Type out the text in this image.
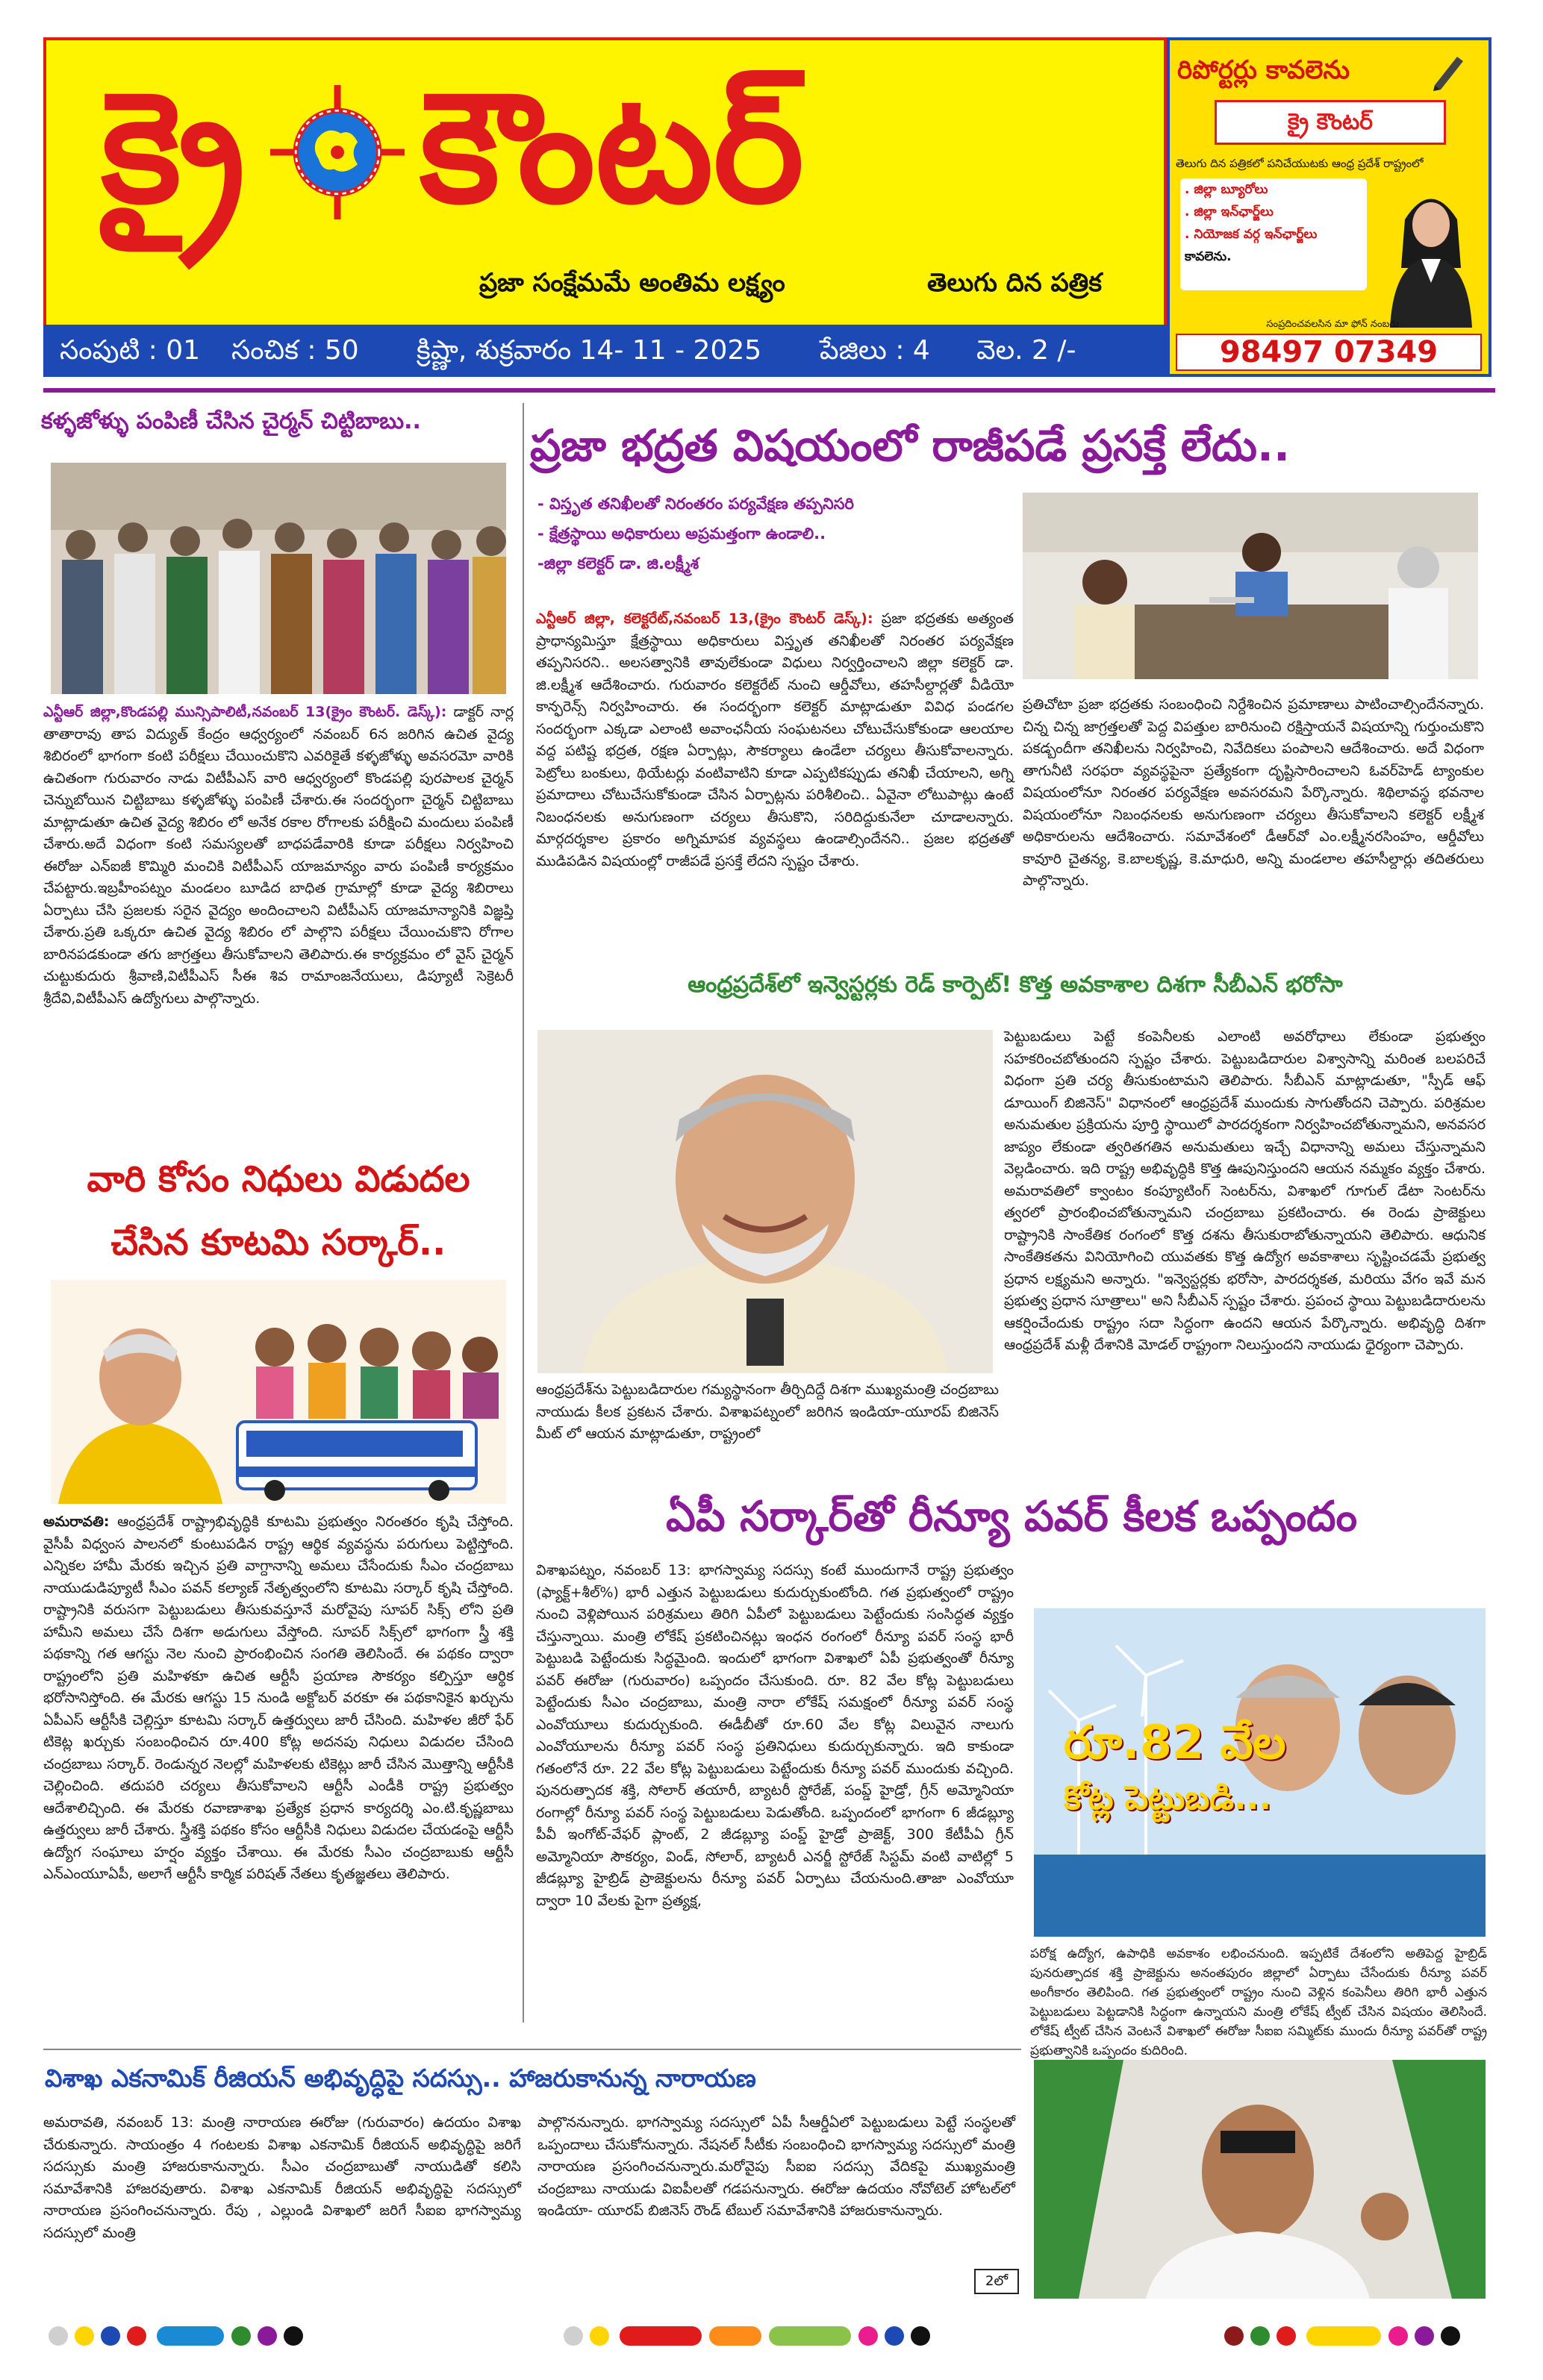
క్రై కౌంటర్
ప్రజా సంక్షేమమే అంతిమ లక్ష్యం	తెలుగు దిన పత్రిక
సంపుటి : 01 సంచిక : 50 క్రిష్ణా, శుక్రవారం 14- 11 - 2025 పేజిలు : 4 వెల. 2 /-
రిపోర్టర్లు కావలెను
క్రై కౌంటర్
తెలుగు దిన పత్రికలో పనిచేయుటకు ఆంధ్ర ప్రదేశ్ రాష్ట్రంలో
. జిల్లా బ్యూరోలు
. జిల్లా ఇన్‌ఛార్జ్‌లు
. నియోజక వర్గ ఇన్‌ఛార్జ్‌లు
కావలెను.
సంప్రదించవలసిన మా ఫోన్ నంబరు
98497 07349
కళ్ళజోళ్ళు పంపిణీ చేసిన చైర్మన్ చిట్టిబాబు..
ఎన్టీఆర్ జిల్లా,కొండపల్లి మున్సిపాలిటీ,నవంబర్ 13(క్రైం కౌంటర్. డెస్క్): డాక్టర్ నార్ల తాతారావు తాప విద్యుత్ కేంద్రం ఆధ్వర్యంలో నవంబర్ 6న జరిగిన ఉచిత వైద్య శిబిరంలో భాగంగా కంటి పరీక్షలు చేయించుకొని ఎవరికైతే కళ్ళజోళ్ళు అవసరమో వారికి ఉచితంగా గురువారం నాడు విటీపీఎస్ వారి ఆధ్వర్యంలో కొండపల్లి పురపాలక చైర్మన్ చెన్నుబోయిన చిట్టిబాబు కళ్ళజోళ్ళు పంపిణీ చేశారు.ఈ సందర్భంగా చైర్మన్ చిట్టిబాబు మాట్లాడుతూ ఉచిత వైద్య శిబిరం లో అనేక రకాల రోగాలకు పరీక్షించి మందులు పంపిణీ చేశారు.అదే విధంగా కంటి సమస్యలతో బాధపడేవారికి కూడా పరీక్షలు నిర్వహించి ఈరోజు ఎన్ఐజీ కొమ్మిరి మంచికి విటీపీఎస్ యాజమాన్యం వారు పంపిణీ కార్యక్రమం చేపట్టారు.ఇబ్రహీంపట్నం మండలం బూడిద బాధిత గ్రామాల్లో కూడా వైద్య శిబిరాలు ఏర్పాటు చేసి ప్రజలకు సరైన వైద్యం అందించాలని విటీపీఎస్ యాజమాన్యానికి విజ్ఞప్తి చేశారు.ప్రతి ఒక్కరూ ఉచిత వైద్య శిబిరం లో పాల్గొని పరీక్షలు చేయించుకొని రోగాల బారినపడకుండా తగు జాగ్రత్తలు తీసుకోవాలని తెలిపారు.ఈ కార్యక్రమం లో వైస్ చైర్మన్ చుట్టుకుదురు శ్రీవాణి,విటీపీఎస్ సీఈ శివ రామాంజనేయులు, డిప్యూటీ సెక్రెటరీ శ్రీదేవి,విటీపీఎస్ ఉద్యోగులు పాల్గొన్నారు.
వారి కోసం నిధులు విడుదల
చేసిన కూటమి సర్కార్..
అమరావతి: ఆంధ్రప్రదేశ్ రాష్ట్రాభివృద్ధికి కూటమి ప్రభుత్వం నిరంతరం కృషి చేస్తోంది. వైసీపీ విధ్వంస పాలనలో కుంటుపడిన రాష్ట్ర ఆర్థిక వ్యవస్థను పరుగులు పెట్టిస్తోంది. ఎన్నికల హామీ మేరకు ఇచ్చిన ప్రతి వాగ్దానాన్ని అమలు చేసేందుకు సీఎం చంద్రబాబు నాయుడుడిప్యూటీ సీఎం పవన్ కల్యాణ్ నేతృత్వంలోని కూటమి సర్కార్ కృషి చేస్తోంది. రాష్ట్రానికి వరుసగా పెట్టుబడులు తీసుకువస్తూనే మరోవైపు సూపర్ సిక్స్ లోని ప్రతి హామీని అమలు చేసే దిశగా అడుగులు వేస్తోంది. సూపర్ సిక్స్‌లో భాగంగా స్త్రీ శక్తి పథకాన్ని గత ఆగస్టు నెల నుంచి ప్రారంభించిన సంగతి తెలిసిందే. ఈ పథకం ద్వారా రాష్ట్రంలోని ప్రతి మహిళకూ ఉచిత ఆర్టీసీ ప్రయాణ సౌకర్యం కల్పిస్తూ ఆర్థిక భరోసానిస్తోంది. ఈ మేరకు ఆగస్టు 15 నుండి అక్టోబర్ వరకూ ఈ పథకానికైన ఖర్చును ఏపీఎస్ ఆర్టీసీకి చెల్లిస్తూ కూటమి సర్కార్ ఉత్తర్వులు జారీ చేసింది. మహిళల జీరో ఫేర్ టికెట్ల ఖర్చుకు సంబంధించిన రూ.400 కోట్ల అదనపు నిధులు విడుదల చేసింది చంద్రబాబు సర్కార్. రెండున్నర నెలల్లో మహిళలకు టికెట్లు జారీ చేసిన మొత్తాన్ని ఆర్టీసీకి చెల్లించింది. తదుపరి చర్యలు తీసుకోవాలని ఆర్టీసీ ఎండీకి రాష్ట్ర ప్రభుత్వం ఆదేశాలిచ్చింది. ఈ మేరకు రవాణాశాఖ ప్రత్యేక ప్రధాన కార్యదర్శి ఎం.టి.కృష్ణబాబు ఉత్తర్వులు జారీ చేశారు. స్త్రీశక్తి పథకం కోసం ఆర్టీసీకి నిధులు విడుదల చేయడంపై ఆర్టీసీ ఉద్యోగ సంఘాలు హర్షం వ్యక్తం చేశాయి. ఈ మేరకు సీఎం చంద్రబాబుకు ఆర్టీసీ ఎన్ఎంయూఏపీ, అలాగే ఆర్టీసీ కార్మిక పరిషత్ నేతలు కృతజ్ఞతలు తెలిపారు.
ప్రజా భద్రత విషయంలో రాజీపడే ప్రసక్తే లేదు..
- విస్తృత తనిఖీలతో నిరంతరం పర్యవేక్షణ తప్పనిసరి
- క్షేత్రస్థాయి అధికారులు అప్రమత్తంగా ఉండాలి..
-జిల్లా కలెక్టర్ డా. జి.లక్ష్మీశ
ఎన్టీఆర్ జిల్లా, కలెక్టరేట్,నవంబర్ 13,(క్రైం కౌంటర్ డెస్క్): ప్రజా భద్రతకు అత్యంత ప్రాధాన్యమిస్తూ క్షేత్రస్థాయి అధికారులు విస్తృత తనిఖీలతో నిరంతర పర్యవేక్షణ తప్పనిసరని.. అలసత్వానికి తావులేకుండా విధులు నిర్వర్తించాలని జిల్లా కలెక్టర్ డా. జి.లక్ష్మీశ ఆదేశించారు. గురువారం కలెక్టరేట్ నుంచి ఆర్డీవోలు, తహసీల్దార్లతో వీడియో కాన్ఫరెన్స్ నిర్వహించారు. ఈ సందర్భంగా కలెక్టర్ మాట్లాడుతూ వివిధ పండగల సందర్భంగా ఎక్కడా ఎలాంటి అవాంఛనీయ సంఘటనలు చోటుచేసుకోకుండా ఆలయాల వద్ద పటిష్ట భద్రత, రక్షణ ఏర్పాట్లు, సౌకర్యాలు ఉండేలా చర్యలు తీసుకోవాలన్నారు. పెట్రోలు బంకులు, థియేటర్లు వంటివాటిని కూడా ఎప్పటికప్పుడు తనిఖీ చేయాలని, అగ్ని ప్రమాదాలు చోటుచేసుకోకుండా చేసిన ఏర్పాట్లను పరిశీలించి.. ఏవైనా లోటుపాట్లు ఉంటే నిబంధనలకు అనుగుణంగా చర్యలు తీసుకొని, సరిదిద్దుకునేలా చూడాలన్నారు. మార్గదర్శకాల ప్రకారం అగ్నిమాపక వ్యవస్థలు ఉండాల్సిందేనని.. ప్రజల భద్రతతో ముడిపడిన విషయంల్లో రాజీపడే ప్రసక్తే లేదని స్పష్టం చేశారు.
ప్రతిచోటా ప్రజా భద్రతకు సంబంధించి నిర్దేశించిన ప్రమాణాలు పాటించాల్సిందేనన్నారు. చిన్న చిన్న జాగ్రత్తలతో పెద్ద విపత్తుల బారినుంచి రక్షిస్తాయనే విషయాన్ని గుర్తుంచుకొని పకడ్బందీగా తనిఖీలను నిర్వహించి, నివేదికలు పంపాలని ఆదేశించారు. అదే విధంగా తాగునీటి సరఫరా వ్యవస్థపైనా ప్రత్యేకంగా దృష్టిసారించాలని ఓవర్‌హెడ్ ట్యాంకుల విషయంలోనూ నిరంతర పర్యవేక్షణ అవసరమని పేర్కొన్నారు. శిథిలావస్థ భవనాల విషయంలోనూ నిబంధనలకు అనుగుణంగా చర్యలు తీసుకోవాలని కలెక్టర్ లక్ష్మీశ అధికారులను ఆదేశించారు. సమావేశంలో డీఆర్‌వో ఎం.లక్ష్మీనరసింహం, ఆర్డీవోలు కావూరి చైతన్య, కె.బాలకృష్ణ, కె.మాధురి, అన్ని మండలాల తహసీల్దార్లు తదితరులు పాల్గొన్నారు.
ఆంధ్రప్రదేశ్‌లో ఇన్వెస్టర్లకు రెడ్ కార్పెట్! కొత్త అవకాశాల దిశగా సీబీఎన్ భరోసా
ఆంధ్రప్రదేశ్‌ను పెట్టుబడిదారుల గమ్యస్థానంగా తీర్చిదిద్దే దిశగా ముఖ్యమంత్రి చంద్రబాబు నాయుడు కీలక ప్రకటన చేశారు. విశాఖపట్నంలో జరిగిన ఇండియా-యూరప్ బిజినెస్ మీట్ లో ఆయన మాట్లాడుతూ, రాష్ట్రంలో
పెట్టుబడులు పెట్టే కంపెనీలకు ఎలాంటి అవరోధాలు లేకుండా ప్రభుత్వం సహకరించబోతుందని స్పష్టం చేశారు. పెట్టుబడిదారుల విశ్వాసాన్ని మరింత బలపరిచే విధంగా ప్రతి చర్య తీసుకుంటామని తెలిపారు. సీబీఎన్ మాట్లాడుతూ, "స్పీడ్ ఆఫ్ డూయింగ్ బిజినెస్" విధానంలో ఆంధ్రప్రదేశ్ ముందుకు సాగుతోందని చెప్పారు. పరిశ్రమల అనుమతుల ప్రక్రియను పూర్తి స్థాయిలో పారదర్శకంగా నిర్వహించబోతున్నామని, అనవసర జాప్యం లేకుండా త్వరితగతిన అనుమతులు ఇచ్చే విధానాన్ని అమలు చేస్తున్నామని వెల్లడించారు. ఇది రాష్ట్ర అభివృద్ధికి కొత్త ఊపునిస్తుందని ఆయన నమ్మకం వ్యక్తం చేశారు. అమరావతిలో క్వాంటం కంప్యూటింగ్ సెంటర్‌ను, విశాఖలో గూగుల్ డేటా సెంటర్‌ను త్వరలో ప్రారంభించబోతున్నామని చంద్రబాబు ప్రకటించారు. ఈ రెండు ప్రాజెక్టులు రాష్ట్రానికి సాంకేతిక రంగంలో కొత్త దశను తీసుకురాబోతున్నాయని తెలిపారు. ఆధునిక సాంకేతికతను వినియోగించి యువతకు కొత్త ఉద్యోగ అవకాశాలు సృష్టించడమే ప్రభుత్వ ప్రధాన లక్ష్యమని అన్నారు. "ఇన్వెస్టర్లకు భరోసా, పారదర్శకత, మరియు వేగం ఇవే మన ప్రభుత్వ ప్రధాన సూత్రాలు" అని సీబీఎన్ స్పష్టం చేశారు. ప్రపంచ స్థాయి పెట్టుబడిదారులను ఆకర్షించేందుకు రాష్ట్రం సదా సిద్ధంగా ఉందని ఆయన పేర్కొన్నారు. అభివృద్ధి దిశగా ఆంధ్రప్రదేశ్ మళ్లీ దేశానికి మోడల్ రాష్ట్రంగా నిలుస్తుందని నాయుడు ధైర్యంగా చెప్పారు.
ఏపీ సర్కార్‌తో రీన్యూ పవర్ కీలక ఒప్పందం
విశాఖపట్నం, నవంబర్ 13: భాగస్వామ్య సదస్సు కంటే ముందుగానే రాష్ట్ర ప్రభుత్వం (ఫ్యాక్ట్+శీల్%) భారీ ఎత్తున పెట్టుబడులు కుదుర్చుకుంటోంది. గత ప్రభుత్వంలో రాష్ట్రం నుంచి వెళ్లిపోయిన పరిశ్రమలు తిరిగి ఏపీలో పెట్టుబడులు పెట్టేందుకు సంసిద్ధత వ్యక్తం చేస్తున్నాయి. మంత్రి లోకేష్ ప్రకటించినట్లు ఇంధన రంగంలో రీన్యూ పవర్ సంస్థ భారీ పెట్టుబడి పెట్టేందుకు సిద్ధమైంది. ఇందులో భాగంగా విశాఖలో ఏపీ ప్రభుత్వంతో రీన్యూ పవర్ ఈరోజు (గురువారం) ఒప్పందం చేసుకుంది. రూ. 82 వేల కోట్ల పెట్టుబడులు పెట్టేందుకు సీఎం చంద్రబాబు, మంత్రి నారా లోకేష్ సమక్షంలో రీన్యూ పవర్ సంస్థ ఎంవోయూలు కుదుర్చుకుంది. ఈడీబీతో రూ.60 వేల కోట్ల విలువైన నాలుగు ఎంవోయూలను రీన్యూ పవర్ సంస్థ ప్రతినిధులు కుదుర్చుకున్నారు. ఇది కాకుండా గతంలోనే రూ. 22 వేల కోట్ల పెట్టుబడులు పెట్టేందుకు రీన్యూ పవర్ ముందుకు వచ్చింది. పునరుత్పాదక శక్తి, సోలార్ తయారీ, బ్యాటరీ స్టోరేజ్, పంప్డ్ హైడ్రో, గ్రీన్ అమ్మోనియా రంగాల్లో రీన్యూ పవర్ సంస్థ పెట్టుబడులు పెడుతోంది. ఒప్పందంలో భాగంగా 6 జీడబ్ల్యూ పీవీ ఇంగోట్-వేఫర్ ప్లాంట్, 2 జీడబ్ల్యూ పంప్డ్ హైడ్రో ప్రాజెక్ట్, 300 కేటీపీఏ గ్రీన్ అమ్మోనియా సౌకర్యం, విండ్, సోలార్, బ్యాటరీ ఎనర్జీ స్టోరేజ్ సిస్టమ్ వంటి వాటిల్లో 5 జీడబ్ల్యూ హైబ్రిడ్ ప్రాజెక్టులను రీన్యూ పవర్ ఏర్పాటు చేయనుంది.తాజా ఎంవోయూ ద్వారా 10 వేలకు పైగా ప్రత్యక్ష,
రూ.82 వేల
కోట్ల పెట్టుబడి...
పరోక్ష ఉద్యోగ, ఉపాధికి అవకాశం లభించనుంది. ఇప్పటికే దేశంలోని అతిపెద్ద హైబ్రిడ్ పునరుత్పాదక శక్తి ప్రాజెక్టును అనంతపురం జిల్లాలో ఏర్పాటు చేసేందుకు రీన్యూ పవర్ అంగీకారం తెలిపింది. గత ప్రభుత్వంలో రాష్ట్రం నుంచి వెళ్లిన కంపెనీలు తిరిగి భారీ ఎత్తున పెట్టుబడులు పెట్టడానికి సిద్ధంగా ఉన్నాయని మంత్రి లోకేష్ ట్వీట్ చేసిన విషయం తెలిసిందే. లోకేష్ ట్వీట్ చేసిన వెంటనే విశాఖలో ఈరోజు సీఐఐ సమ్మిట్‌కు ముందు రీన్యూ పవర్‌తో రాష్ట్ర ప్రభుత్వానికి ఒప్పందం కుదిరింది.
విశాఖ ఎకనామిక్ రీజియన్ అభివృద్ధిపై సదస్సు.. హాజరుకానున్న నారాయణ
అమరావతి, నవంబర్ 13: మంత్రి నారాయణ ఈరోజు (గురువారం) ఉదయం విశాఖ చేరుకున్నారు. సాయంత్రం 4 గంటలకు విశాఖ ఎకనామిక్ రీజియన్ అభివృద్ధిపై జరిగే సదస్సుకు మంత్రి హాజరుకానున్నారు. సీఎం చంద్రబాబుతో నాయుడితో కలిసి సమావేశానికి హాజరవుతారు. విశాఖ ఎకనామిక్ రీజియన్ అభివృద్ధిపై సదస్సులో నారాయణ ప్రసంగించనున్నారు. రేపు , ఎల్లుండి విశాఖలో జరిగే సీఐఐ భాగస్వామ్య సదస్సులో మంత్రి
పాల్గొననున్నారు. భాగస్వామ్య సదస్సులో ఏపీ సీఆర్డీఏలో పెట్టుబడులు పెట్టే సంస్థలతో ఒప్పందాలు చేసుకోనున్నారు. నేషనల్ సీటీకు సంబంధించి భాగస్వామ్య సదస్సులో మంత్రి నారాయణ ప్రసంగించనున్నారు.మరోవైపు సీఐఐ సదస్సు వేదికపై ముఖ్యమంత్రి చంద్రబాబు నాయుడు విఐపీలతో గడపనున్నారు. ఈరోజు ఉదయం నోవోటెల్ హోటల్‌లో ఇండియా- యూరప్ బిజినెస్ రౌండ్ టేబుల్ సమావేశానికి హాజరుకానున్నారు.
2లో
